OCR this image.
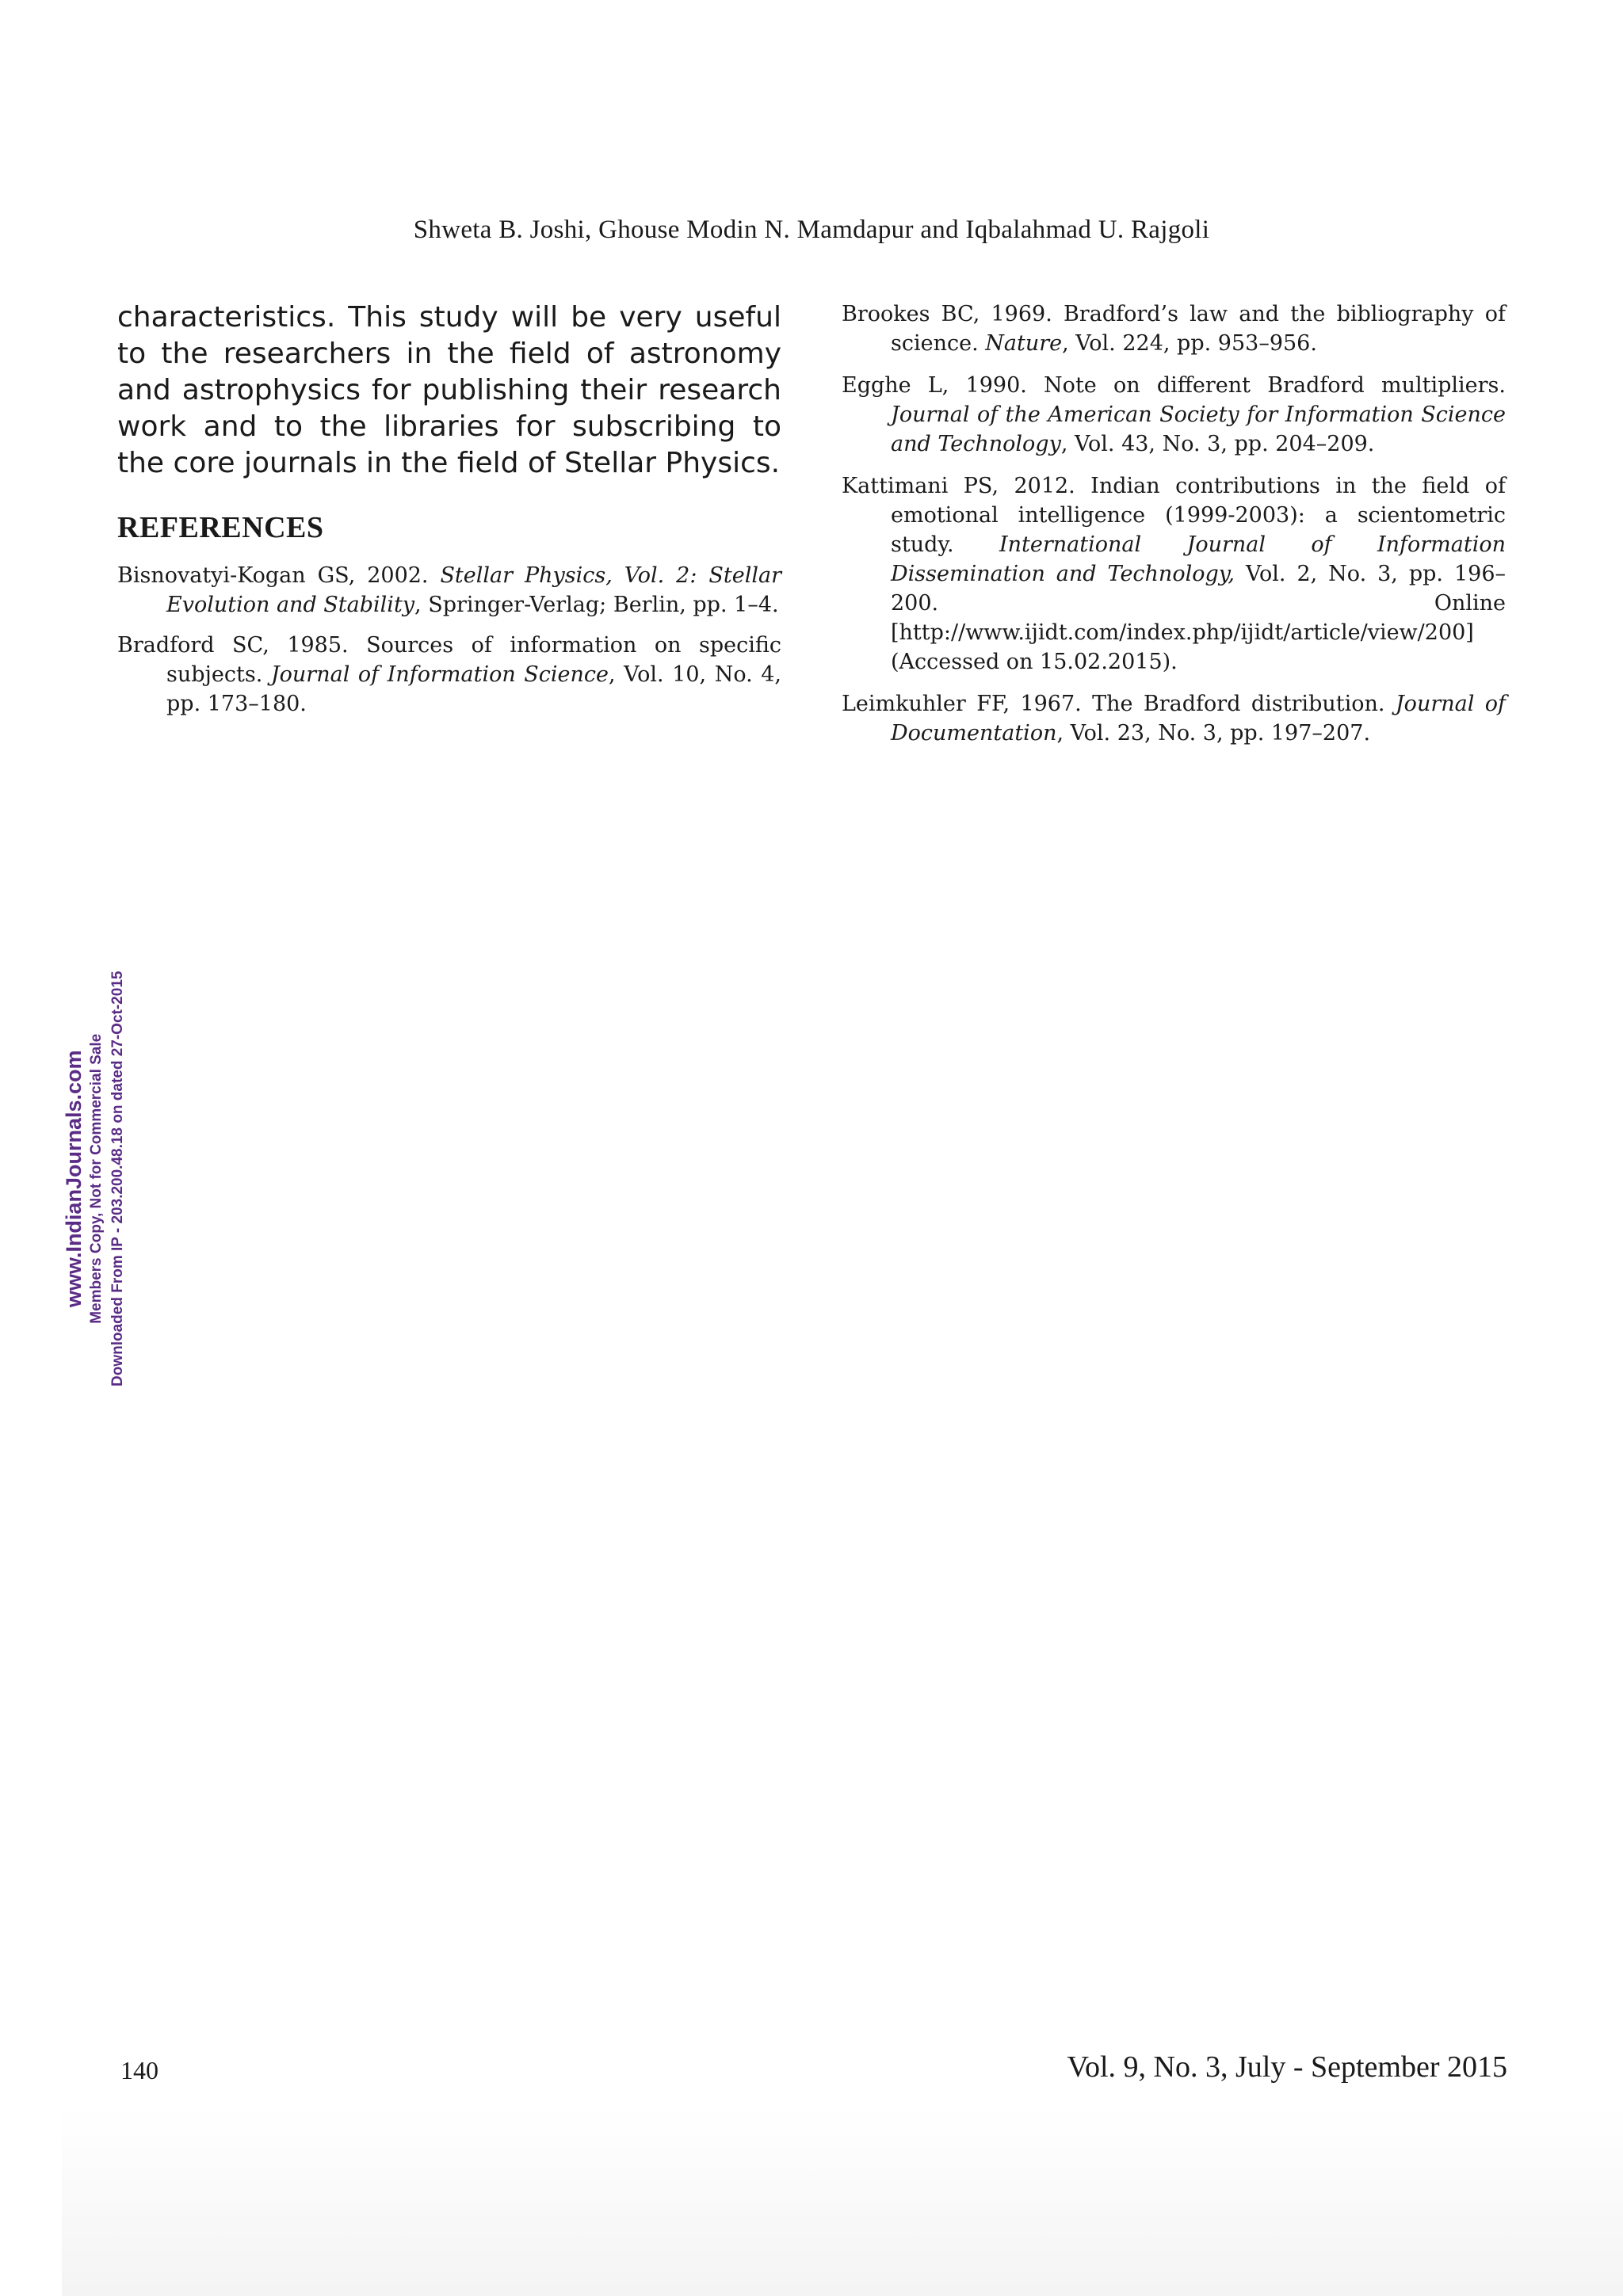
Shweta B. Joshi, Ghouse Modin N. Mamdapur and Iqbalahmad U. Rajgoli

characteristics. This study will be very useful to the researchers in the field of astronomy and astrophysics for publishing their research work and to the libraries for subscribing to the core journals in the field of Stellar Physics.

REFERENCES

Bisnovatyi-Kogan GS, 2002. Stellar Physics, Vol. 2: Stellar Evolution and Stability, Springer-Verlag; Berlin, pp. 1–4.

Bradford SC, 1985. Sources of information on specific subjects. Journal of Information Science, Vol. 10, No. 4, pp. 173–180.

Brookes BC, 1969. Bradford’s law and the bibliography of science. Nature, Vol. 224, pp. 953–956.

Egghe L, 1990. Note on different Bradford multipliers. Journal of the American Society for Information Science and Technology, Vol. 43, No. 3, pp. 204–209.

Kattimani PS, 2012. Indian contributions in the field of emotional intelligence (1999-2003): a scientometric study. International Journal of Information Dissemination and Technology, Vol. 2, No. 3, pp. 196–200. Online [http://www.ijidt.com/index.php/ijidt/article/view/200] (Accessed on 15.02.2015).

Leimkuhler FF, 1967. The Bradford distribution. Journal of Documentation, Vol. 23, No. 3, pp. 197–207.

www.IndianJournals.com Members Copy, Not for Commercial Sale Downloaded From IP - 203.200.48.18 on dated 27-Oct-2015
140	Vol. 9, No. 3, July - September 2015
